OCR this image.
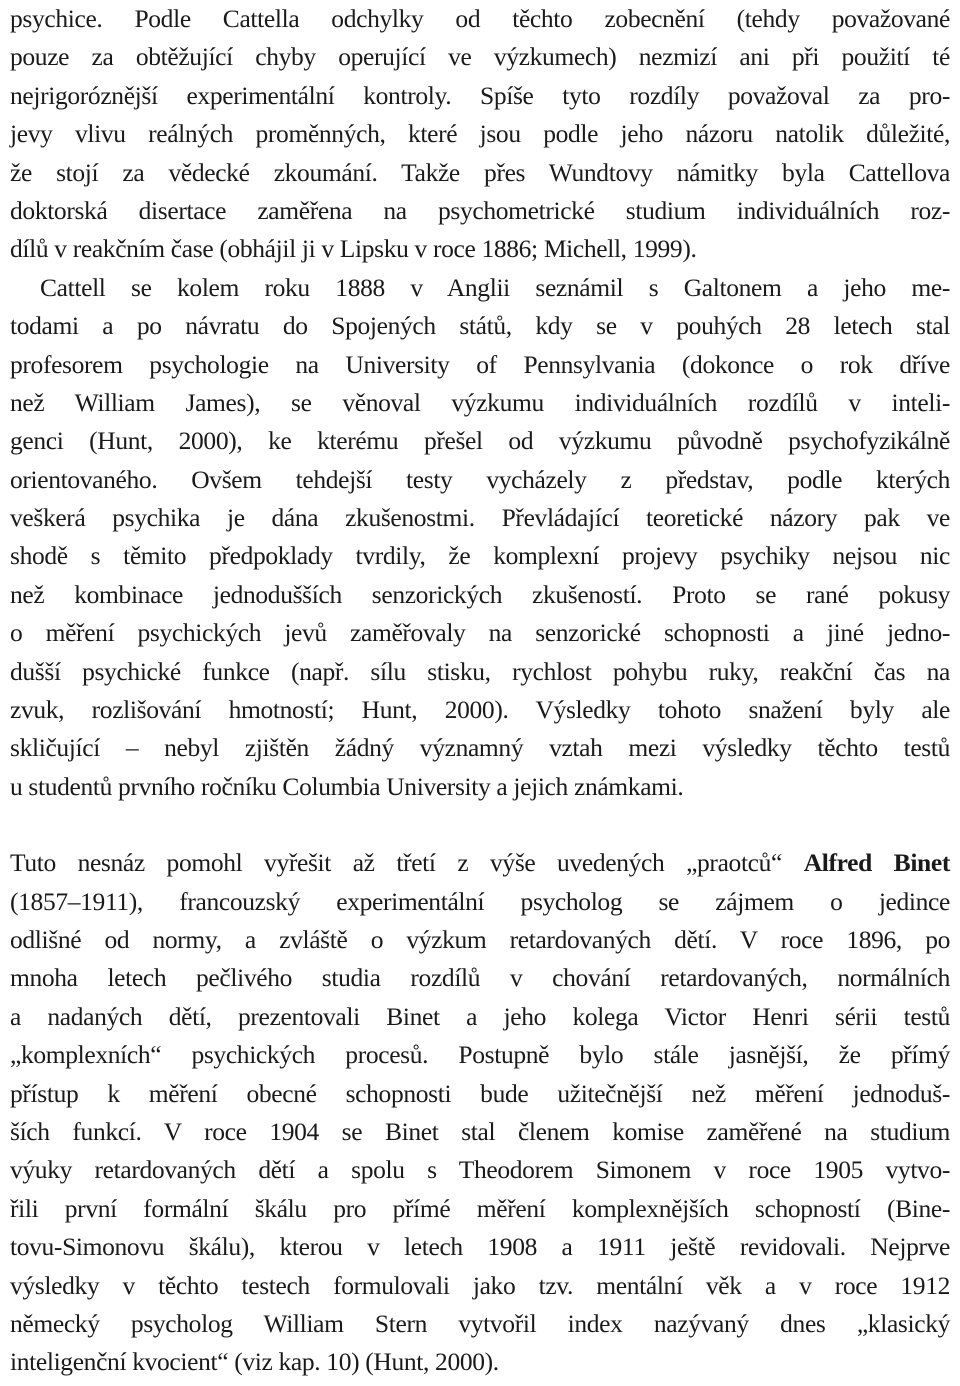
psychice. Podle Cattella odchylky od těchto zobecnění (tehdy považované
pouze za obtěžující chyby operující ve výzkumech) nezmizí ani při použití té
nejrigoróznější experimentální kontroly. Spíše tyto rozdíly považoval za pro-
jevy vlivu reálných proměnných, které jsou podle jeho názoru natolik důležité,
že stojí za vědecké zkoumání. Takže přes Wundtovy námitky byla Cattellova
doktorská disertace zaměřena na psychometrické studium individuálních roz-
dílů v reakčním čase (obhájil ji v Lipsku v roce 1886; Michell, 1999).
Cattell se kolem roku 1888 v Anglii seznámil s Galtonem a jeho me-
todami a po návratu do Spojených států, kdy se v pouhých 28 letech stal
profesorem psychologie na University of Pennsylvania (dokonce o rok dříve
než William James), se věnoval výzkumu individuálních rozdílů v inteli-
genci (Hunt, 2000), ke kterému přešel od výzkumu původně psychofyzikálně
orientovaného. Ovšem tehdejší testy vycházely z představ, podle kterých
veškerá psychika je dána zkušenostmi. Převládající teoretické názory pak ve
shodě s těmito předpoklady tvrdily, že komplexní projevy psychiky nejsou nic
než kombinace jednodušších senzorických zkušeností. Proto se rané pokusy
o měření psychických jevů zaměřovaly na senzorické schopnosti a jiné jedno-
dušší psychické funkce (např. sílu stisku, rychlost pohybu ruky, reakční čas na
zvuk, rozlišování hmotností; Hunt, 2000). Výsledky tohoto snažení byly ale
skličující – nebyl zjištěn žádný významný vztah mezi výsledky těchto testů
u studentů prvního ročníku Columbia University a jejich známkami.
Tuto nesnáz pomohl vyřešit až třetí z výše uvedených „praotců“ Alfred Binet
(1857–1911), francouzský experimentální psycholog se zájmem o jedince
odlišné od normy, a zvláště o výzkum retardovaných dětí. V roce 1896, po
mnoha letech pečlivého studia rozdílů v chování retardovaných, normálních
a nadaných dětí, prezentovali Binet a jeho kolega Victor Henri sérii testů
„komplexních“ psychických procesů. Postupně bylo stále jasnější, že přímý
přístup k měření obecné schopnosti bude užitečnější než měření jednoduš-
ších funkcí. V roce 1904 se Binet stal členem komise zaměřené na studium
výuky retardovaných dětí a spolu s Theodorem Simonem v roce 1905 vytvo-
řili první formální škálu pro přímé měření komplexnějších schopností (Bine-
tovu-Simonovu škálu), kterou v letech 1908 a 1911 ještě revidovali. Nejprve
výsledky v těchto testech formulovali jako tzv. mentální věk a v roce 1912
německý psycholog William Stern vytvořil index nazývaný dnes „klasický
inteligenční kvocient“ (viz kap. 10) (Hunt, 2000).
